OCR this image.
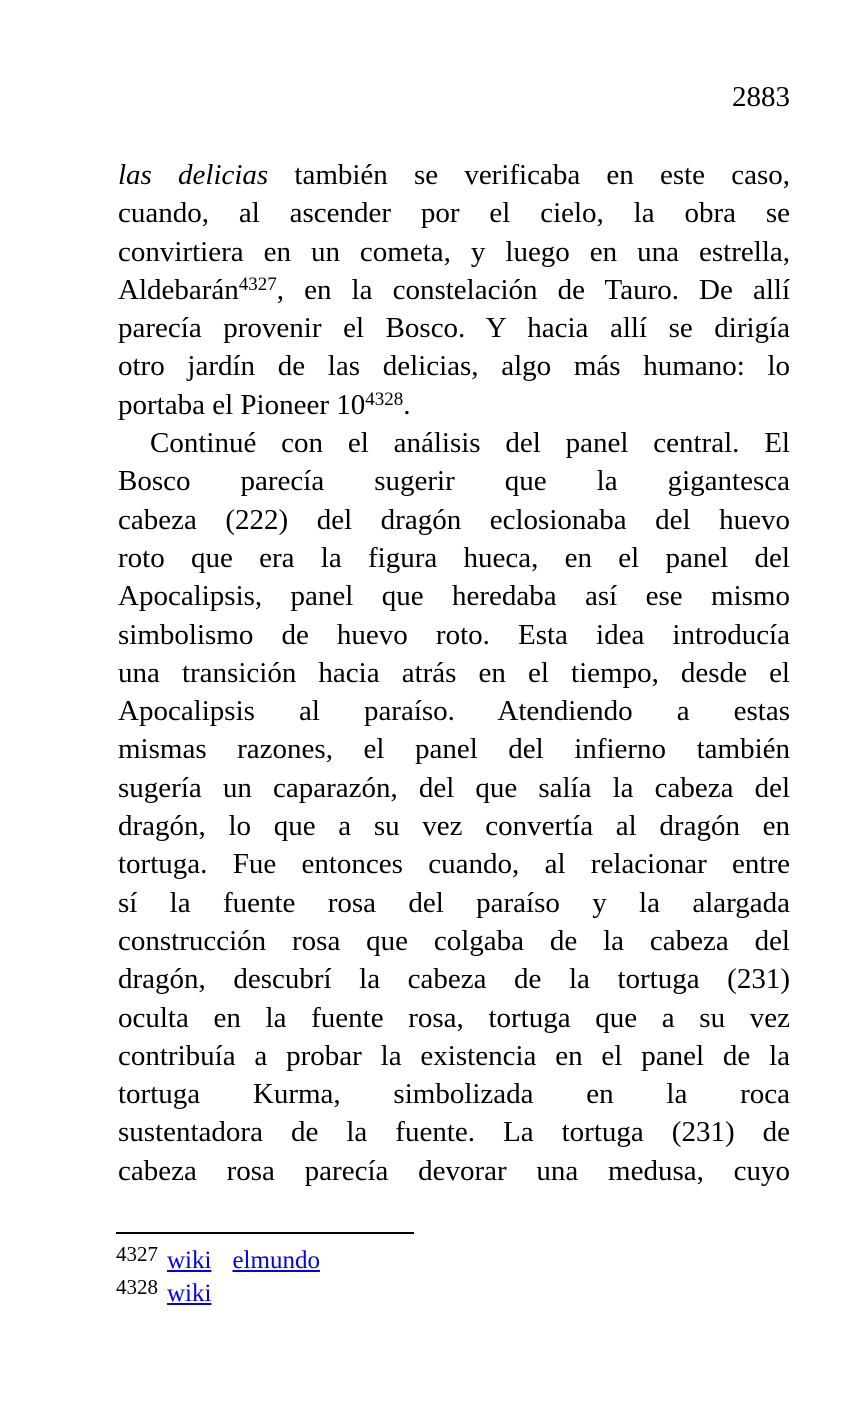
2883
las delicias también se verificaba en este caso,
cuando, al ascender por el cielo, la obra se
convirtiera en un cometa, y luego en una estrella,
Aldebarán$^{4327}$, en la constelación de Tauro. De allí
parecía provenir el Bosco. Y hacia allí se dirigía
otro jardín de las delicias, algo más humano: lo
portaba el Pioneer 10$^{4328}$.
Continué con el análisis del panel central. El
Bosco parecía sugerir que la gigantesca
cabeza (222) del dragón eclosionaba del huevo
roto que era la figura hueca, en el panel del
Apocalipsis, panel que heredaba así ese mismo
simbolismo de huevo roto. Esta idea introducía
una transición hacia atrás en el tiempo, desde el
Apocalipsis al paraíso. Atendiendo a estas
mismas razones, el panel del infierno también
sugería un caparazón, del que salía la cabeza del
dragón, lo que a su vez convertía al dragón en
tortuga. Fue entonces cuando, al relacionar entre
sí la fuente rosa del paraíso y la alargada
construcción rosa que colgaba de la cabeza del
dragón, descubrí la cabeza de la tortuga (231)
oculta en la fuente rosa, tortuga que a su vez
contribuía a probar la existencia en el panel de la
tortuga Kurma, simbolizada en la roca
sustentadora de la fuente. La tortuga (231) de
cabeza rosa parecía devorar una medusa, cuyo
$^{4327}$ wiki elmundo
$^{4328}$ wiki
